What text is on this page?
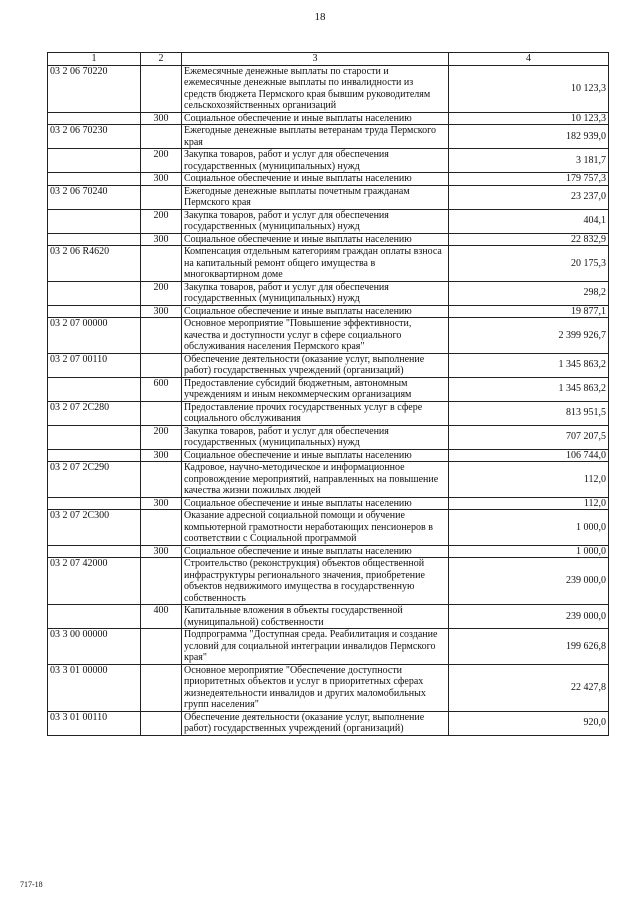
18
1	2	3	4
03 2 06 70220		Ежемесячные денежные выплаты по старости и ежемесячные денежные выплаты по инвалидности из средств бюджета Пермского края бывшим руководителям сельскохозяйственных организаций	10 123,3
	300	Социальное обеспечение и иные выплаты населению	10 123,3
03 2 06 70230		Ежегодные денежные выплаты ветеранам труда Пермского края	182 939,0
	200	Закупка товаров, работ и услуг для обеспечения государственных (муниципальных) нужд	3 181,7
	300	Социальное обеспечение и иные выплаты населению	179 757,3
03 2 06 70240		Ежегодные денежные выплаты почетным гражданам Пермского края	23 237,0
	200	Закупка товаров, работ и услуг для обеспечения государственных (муниципальных) нужд	404,1
	300	Социальное обеспечение и иные выплаты населению	22 832,9
03 2 06 R4620		Компенсация отдельным категориям граждан оплаты взноса на капитальный ремонт общего имущества в многоквартирном доме	20 175,3
	200	Закупка товаров, работ и услуг для обеспечения государственных (муниципальных) нужд	298,2
	300	Социальное обеспечение и иные выплаты населению	19 877,1
03 2 07 00000		Основное мероприятие "Повышение эффективности, качества и доступности услуг в сфере социального обслуживания населения Пермского края"	2 399 926,7
03 2 07 00110		Обеспечение деятельности (оказание услуг, выполнение работ) государственных учреждений (организаций)	1 345 863,2
	600	Предоставление субсидий бюджетным, автономным учреждениям и иным некоммерческим организациям	1 345 863,2
03 2 07 2С280		Предоставление прочих государственных услуг в сфере социального обслуживания	813 951,5
	200	Закупка товаров, работ и услуг для обеспечения государственных (муниципальных) нужд	707 207,5
	300	Социальное обеспечение и иные выплаты населению	106 744,0
03 2 07 2С290		Кадровое, научно-методическое и информационное сопровождение мероприятий, направленных на повышение качества жизни пожилых людей	112,0
	300	Социальное обеспечение и иные выплаты населению	112,0
03 2 07 2С300		Оказание адресной социальной помощи и обучение компьютерной грамотности неработающих пенсионеров в соответствии с Социальной программой	1 000,0
	300	Социальное обеспечение и иные выплаты населению	1 000,0
03 2 07 42000		Строительство (реконструкция) объектов общественной инфраструктуры регионального значения, приобретение объектов недвижимого имущества в государственную собственность	239 000,0
	400	Капитальные вложения в объекты государственной (муниципальной) собственности	239 000,0
03 3 00 00000		Подпрограмма "Доступная среда. Реабилитация и создание условий для социальной интеграции инвалидов Пермского края"	199 626,8
03 3 01 00000		Основное мероприятие "Обеспечение доступности приоритетных объектов и услуг в приоритетных сферах жизнедеятельности инвалидов и других маломобильных групп населения"	22 427,8
03 3 01 00110		Обеспечение деятельности (оказание услуг, выполнение работ) государственных учреждений (организаций)	920,0
717-18
